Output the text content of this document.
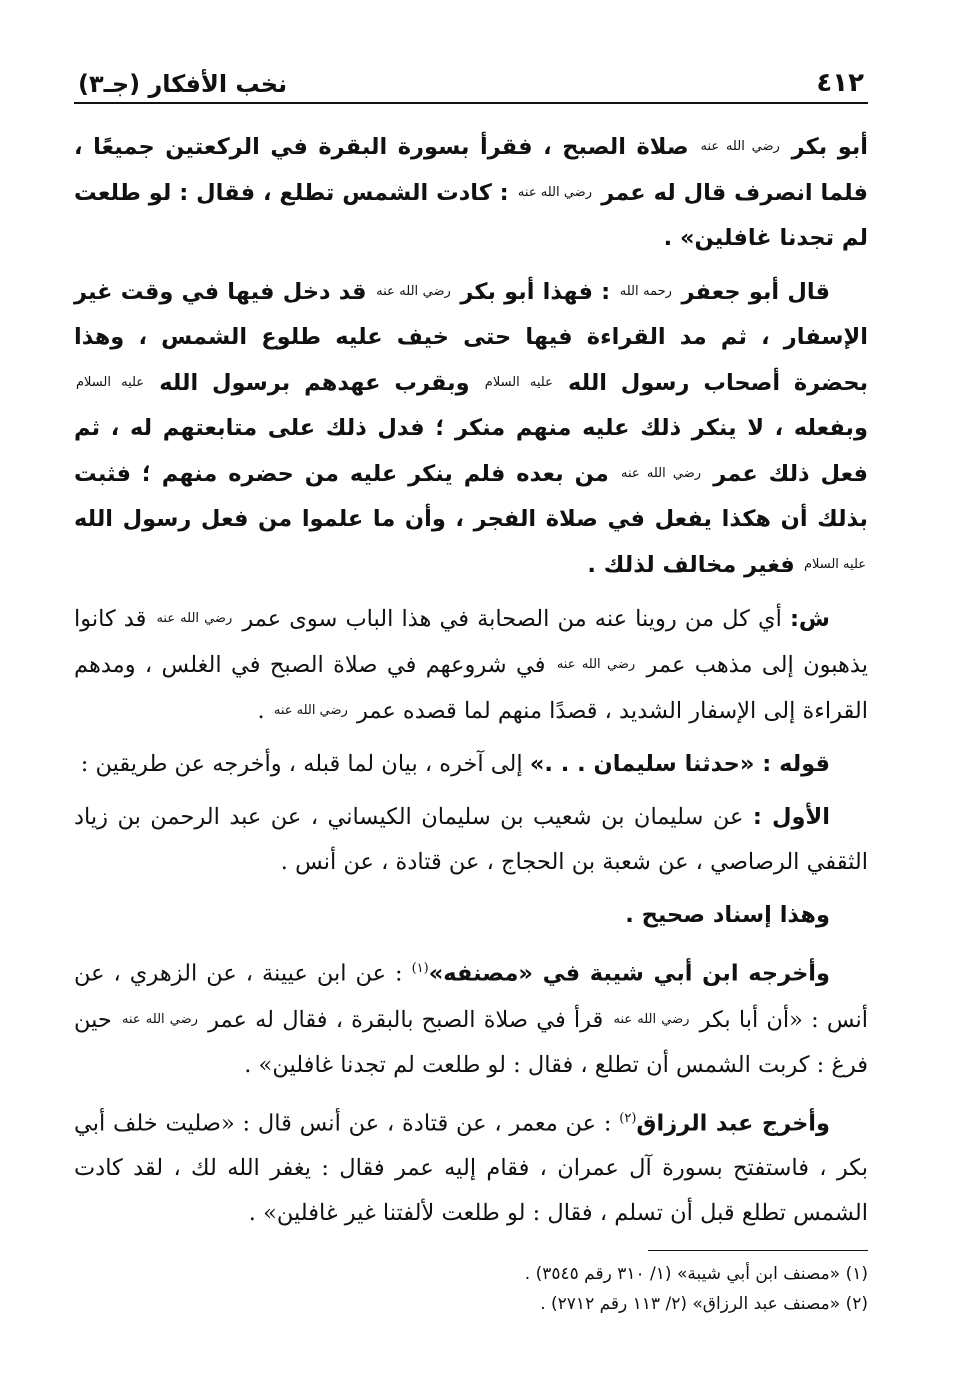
٤١٢
نخب الأفكار (جـ٣)

أبو بكر رضي الله عنه صلاة الصبح ، فقرأ بسورة البقرة في الركعتين جميعًا ، فلما انصرف قال له عمر رضي الله عنه : كادت الشمس تطلع ، فقال : لو طلعت لم تجدنا غافلين» .

قال أبو جعفر رحمه الله : فهذا أبو بكر رضي الله عنه قد دخل فيها في وقت غير الإسفار ، ثم مد القراءة فيها حتى خيف عليه طلوع الشمس ، وهذا بحضرة أصحاب رسول الله عليه السلام وبقرب عهدهم برسول الله عليه السلام وبفعله ، لا ينكر ذلك عليه منهم منكر ؛ فدل ذلك على متابعتهم له ، ثم فعل ذلك عمر رضي الله عنه من بعده فلم ينكر عليه من حضره منهم ؛ فثبت بذلك أن هكذا يفعل في صلاة الفجر ، وأن ما علموا من فعل رسول الله عليه السلام فغير مخالف لذلك .

ش: أي كل من روينا عنه من الصحابة في هذا الباب سوى عمر رضي الله عنه قد كانوا يذهبون إلى مذهب عمر رضي الله عنه في شروعهم في صلاة الصبح في الغلس ، ومدهم القراءة إلى الإسفار الشديد ، قصدًا منهم لما قصده عمر رضي الله عنه .

قوله : «حدثنا سليمان . . .» إلى آخره ، بيان لما قبله ، وأخرجه عن طريقين :

الأول : عن سليمان بن شعيب بن سليمان الكيساني ، عن عبد الرحمن بن زياد الثقفي الرصاصي ، عن شعبة بن الحجاج ، عن قتادة ، عن أنس .

وهذا إسناد صحيح .

وأخرجه ابن أبي شيبة في «مصنفه»$^{(١)}$ : عن ابن عيينة ، عن الزهري ، عن أنس : «أن أبا بكر رضي الله عنه قرأ في صلاة الصبح بالبقرة ، فقال له عمر رضي الله عنه حين فرغ : كربت الشمس أن تطلع ، فقال : لو طلعت لم تجدنا غافلين» .

وأخرج عبد الرزاق$^{(٢)}$ : عن معمر ، عن قتادة ، عن أنس قال : «صليت خلف أبي بكر ، فاستفتح بسورة آل عمران ، فقام إليه عمر فقال : يغفر الله لك ، لقد كادت الشمس تطلع قبل أن تسلم ، فقال : لو طلعت لألفتنا غير غافلين» .

(١) «مصنف ابن أبي شيبة» (١/ ٣١٠ رقم ٣٥٤٥) .

(٢) «مصنف عبد الرزاق» (٢/ ١١٣ رقم ٢٧١٢) .
